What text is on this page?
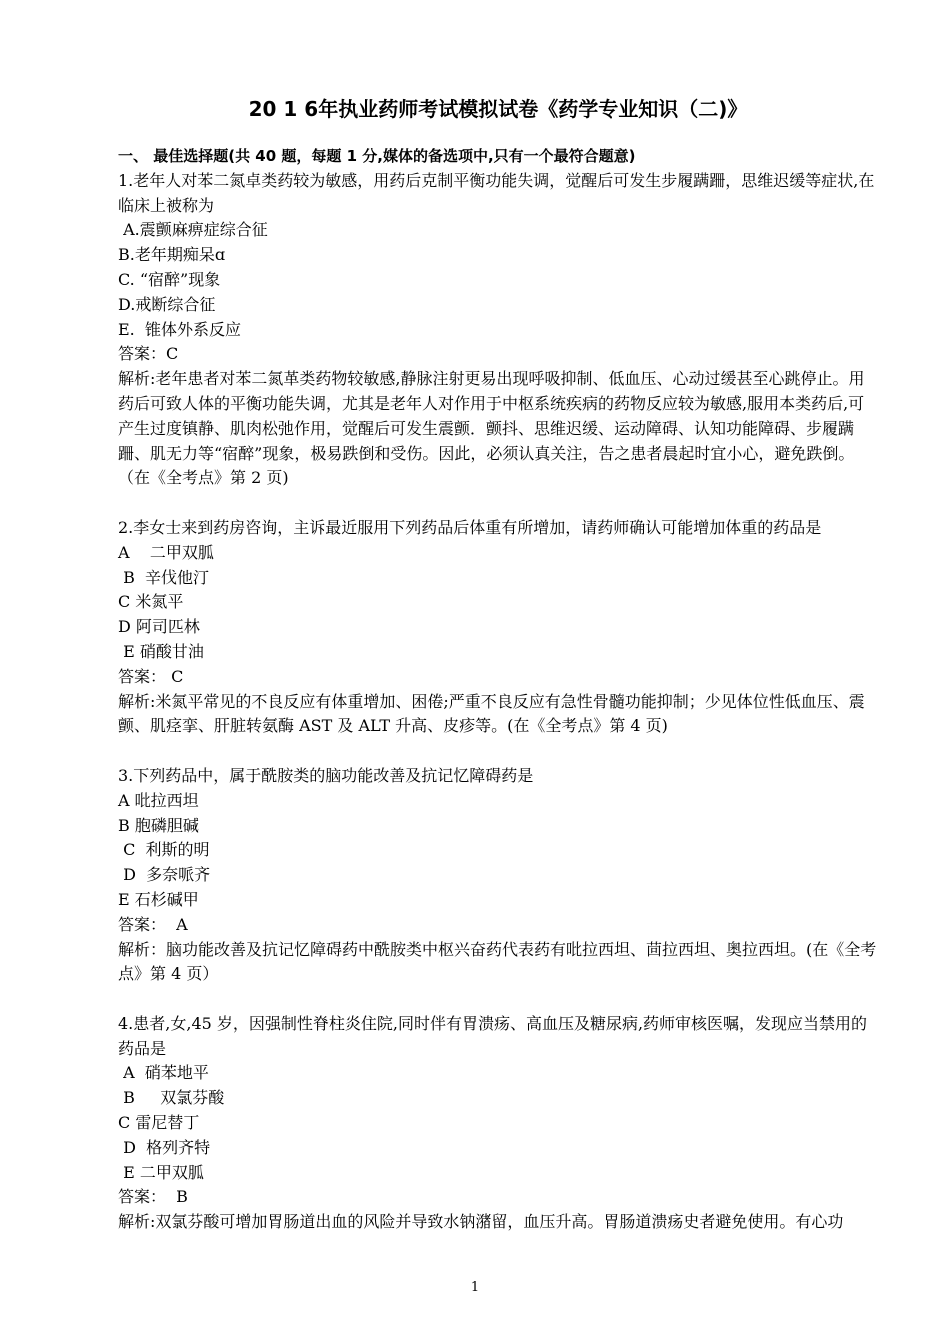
20 1 6年执业药师考试模拟试卷《药学专业知识（二)》

一、 最佳选择题(共 40 题，每题 1 分,媒体的备选项中,只有一个最符合题意)

1.老年人对苯二氮卓类药较为敏感，用药后克制平衡功能失调，觉醒后可发生步履蹒跚，思维迟缓等症状,在临床上被称为

A.震颤麻痹症综合征

B.老年期痴呆ɑ

C. “宿醉”现象

D.戒断综合征

E.  锥体外系反应

答案：C

解析:老年患者对苯二氮革类药物较敏感,静脉注射更易出现呼吸抑制、低血压、心动过缓甚至心跳停止。用药后可致人体的平衡功能失调，尤其是老年人对作用于中枢系统疾病的药物反应较为敏感,服用本类药后,可产生过度镇静、肌肉松弛作用，觉醒后可发生震颤．颤抖、思维迟缓、运动障碍、认知功能障碍、步履蹒跚、肌无力等“宿醉”现象，极易跌倒和受伤。因此，必须认真关注，告之患者晨起时宜小心，避免跌倒。（在《全考点》第 2 页)

2.李女士来到药房咨询，主诉最近服用下列药品后体重有所增加，请药师确认可能增加体重的药品是

A    二甲双胍

B  辛伐他汀

C 米氮平

D 阿司匹林

E 硝酸甘油

答案： C

解析:米氮平常见的不良反应有体重增加、困倦;严重不良反应有急性骨髓功能抑制；少见体位性低血压、震颤、肌痉挛、肝脏转氨酶 AST 及 ALT 升高、皮疹等。(在《全考点》第 4 页)

3.下列药品中，属于酰胺类的脑功能改善及抗记忆障碍药是

A 吡拉西坦

B 胞磷胆碱

C  利斯的明

D  多奈哌齐

E 石杉碱甲

答案：  A

解析：脑功能改善及抗记忆障碍药中酰胺类中枢兴奋药代表药有吡拉西坦、茴拉西坦、奥拉西坦。(在《全考点》第 4 页）

4.患者,女,45 岁，因强制性脊柱炎住院,同时伴有胃溃疡、高血压及糖尿病,药师审核医嘱，发现应当禁用的药品是

A  硝苯地平

B     双氯芬酸

C 雷尼替丁

D  格列齐特

E 二甲双胍

答案：  B

解析:双氯芬酸可增加胃肠道出血的风险并导致水钠潴留，血压升高。胃肠道溃疡史者避免使用。有心功

1
